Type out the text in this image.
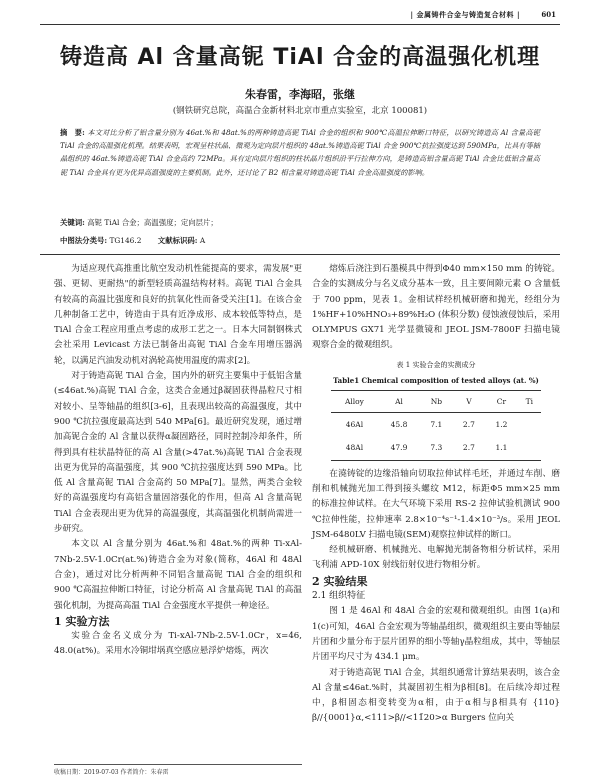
| 金属铸件合金与铸造复合材料 |	601
铸造高 Al 含量高铌 TiAl 合金的高温强化机理
朱春雷，李海昭，张继
(钢铁研究总院，高温合金新材料北京市重点实验室，北京 100081)
摘　要: 本文对比分析了铝含量分别为 46at.%和 48at.%的两种铸造高铌 TiAl 合金的组织和 900℃高温拉伸断口特征，以研究铸造高 Al 含量高铌 TiAl 合金的高温强化机理。结果表明，宏观呈柱状晶、微观为定向层片组织的 48at.%铸造高铌 TiAl 合金 900℃抗拉强度达到 590MPa，比具有等轴晶组织的 46at.%铸造高铌 TiAl 合金高约 72MPa。具有定向层片组织的柱状晶片组织沿平行拉伸方向，是铸造高铝含量高铌 TiAl 合金比低铝含量高铌 TiAl 合金具有更为优异高温强度的主要机制。此外，还讨论了 B2 相含量对铸造高铌 TiAl 合金高温强度的影响。
关键词: 高铌 TiAl 合金；高温强度；定向层片；
中图法分类号: TG146.2 文献标识码: A

为适应现代高推重比航空发动机性能提高的要求，需发展"更强、更韧、更耐热"的新型轻质高温结构材料。高铌 TiAl 合金具有较高的高温比强度和良好的抗氧化性而备受关注[1]。在该合金几种制备工艺中，铸造由于具有近净成形、成本较低等特点，是 TiAl 合金工程应用重点考虑的成形工艺之一。日本大同制钢株式会社采用 Levicast 方法已制备出高铌 TiAl 合金车用增压器涡轮，以满足汽油发动机对涡轮高使用温度的需求[2]。

对于铸造高铌 TiAl 合金，国内外的研究主要集中于低铝含量(≤46at.%)高铌 TiAl 合金，这类合金通过β凝固获得晶粒尺寸相对较小、呈等轴晶的组织[3-6]，且表现出较高的高温强度，其中 900 ℃抗拉强度最高达到 540 MPa[6]。最近研究发现，通过增加高铌合金的 Al 含量以获得α凝固路径，同时控制冷却条件，所得到具有柱状晶特征的高 Al 含量(>47at.%)高铌 TiAl 合金表现出更为优异的高温强度，其 900 ℃抗拉强度达到 590 MPa。比低 Al 含量高铌 TiAl 合金高约 50 MPa[7]。显然，两类合金较好的高温强度均有高铝含量固溶强化的作用，但高 Al 含量高铌 TiAl 合金表现出更为优异的高温强度，其高温强化机制尚需进一步研究。

本文以 Al 含量分别为 46at.%和 48at.%的两种 Ti-xAl-7Nb-2.5V-1.0Cr(at.%)铸造合金为对象(简称，46Al 和 48Al 合金)，通过对比分析两种不同铝含量高铌 TiAl 合金的组织和 900 ℃高温拉伸断口特征，讨论分析高 Al 含量高铌 TiAl 的高温强化机制，为提高高温 TiAl 合金强度水平提供一种途径。

1 实验方法

实验合金名义成分为 Ti-xAl-7Nb-2.5V-1.0Cr，x=46, 48.0(at%)。采用水冷铜坩埚真空感应悬浮炉熔炼，两次

熔炼后浇注到石墨模具中得到Φ40 mm×150 mm 的铸锭。合金的实测成分与名义成分基本一致，且主要间隙元素 O 含量低于 700 ppm，见表 1。金相试样经机械研磨和抛光，经组分为 1%HF+10%HNO₃+89%H₂O (体积分数) 侵蚀液侵蚀后，采用 OLYMPUS GX71 光学显微镜和 JEOL JSM-7800F 扫描电镜观察合金的微观组织。

表 1 实验合金的实测成分
Table1 Chemical composition of tested alloys (at. %)
Alloy	Al	Nb	V	Cr	Ti
46Al	45.8	7.1	2.7	1.2	
48Al	47.9	7.3	2.7	1.1	

在澆铸锭的边缘沿轴向切取拉伸试样毛坯，并通过车削、磨削和机械抛光加工得到接头螺纹 M12，标距Φ5 mm×25 mm 的标准拉伸试样。在大气环境下采用 RS-2 拉伸试验机测试 900 ℃拉伸性能，拉伸速率 2.8×10⁻⁴s⁻¹-1.4×10⁻³/s。采用 JEOL JSM-6480LV 扫描电镜(SEM)观察拉伸试样的断口。

经机械研磨、机械抛光、电解抛光制备物相分析试样，采用飞利浦 APD-10X 射线衍射仪进行物相分析。

2 实验结果

2.1 组织特征

图 1 是 46Al 和 48Al 合金的宏观和微观组织。由图 1(a)和 1(c)可知，46Al 合金宏观为等轴晶组织，微观组织主要由等轴层片团和少量分布于层片团界的细小等轴γ晶粒组成，其中，等轴层片团平均尺寸为 434.1 μm。

对于铸造高铌 TiAl 合金，其组织通常计算结果表明，该合金 Al 含量≤46at.%时，其凝固初生相为β相[8]。在后续冷却过程中，β相固态相变转变为α相，由于α相与β相具有 {110}β//{0001}α,<111>β//<11̄20>α Burgers 位向关

收稿日期：2019-07-03 作者简介：朱春雷
